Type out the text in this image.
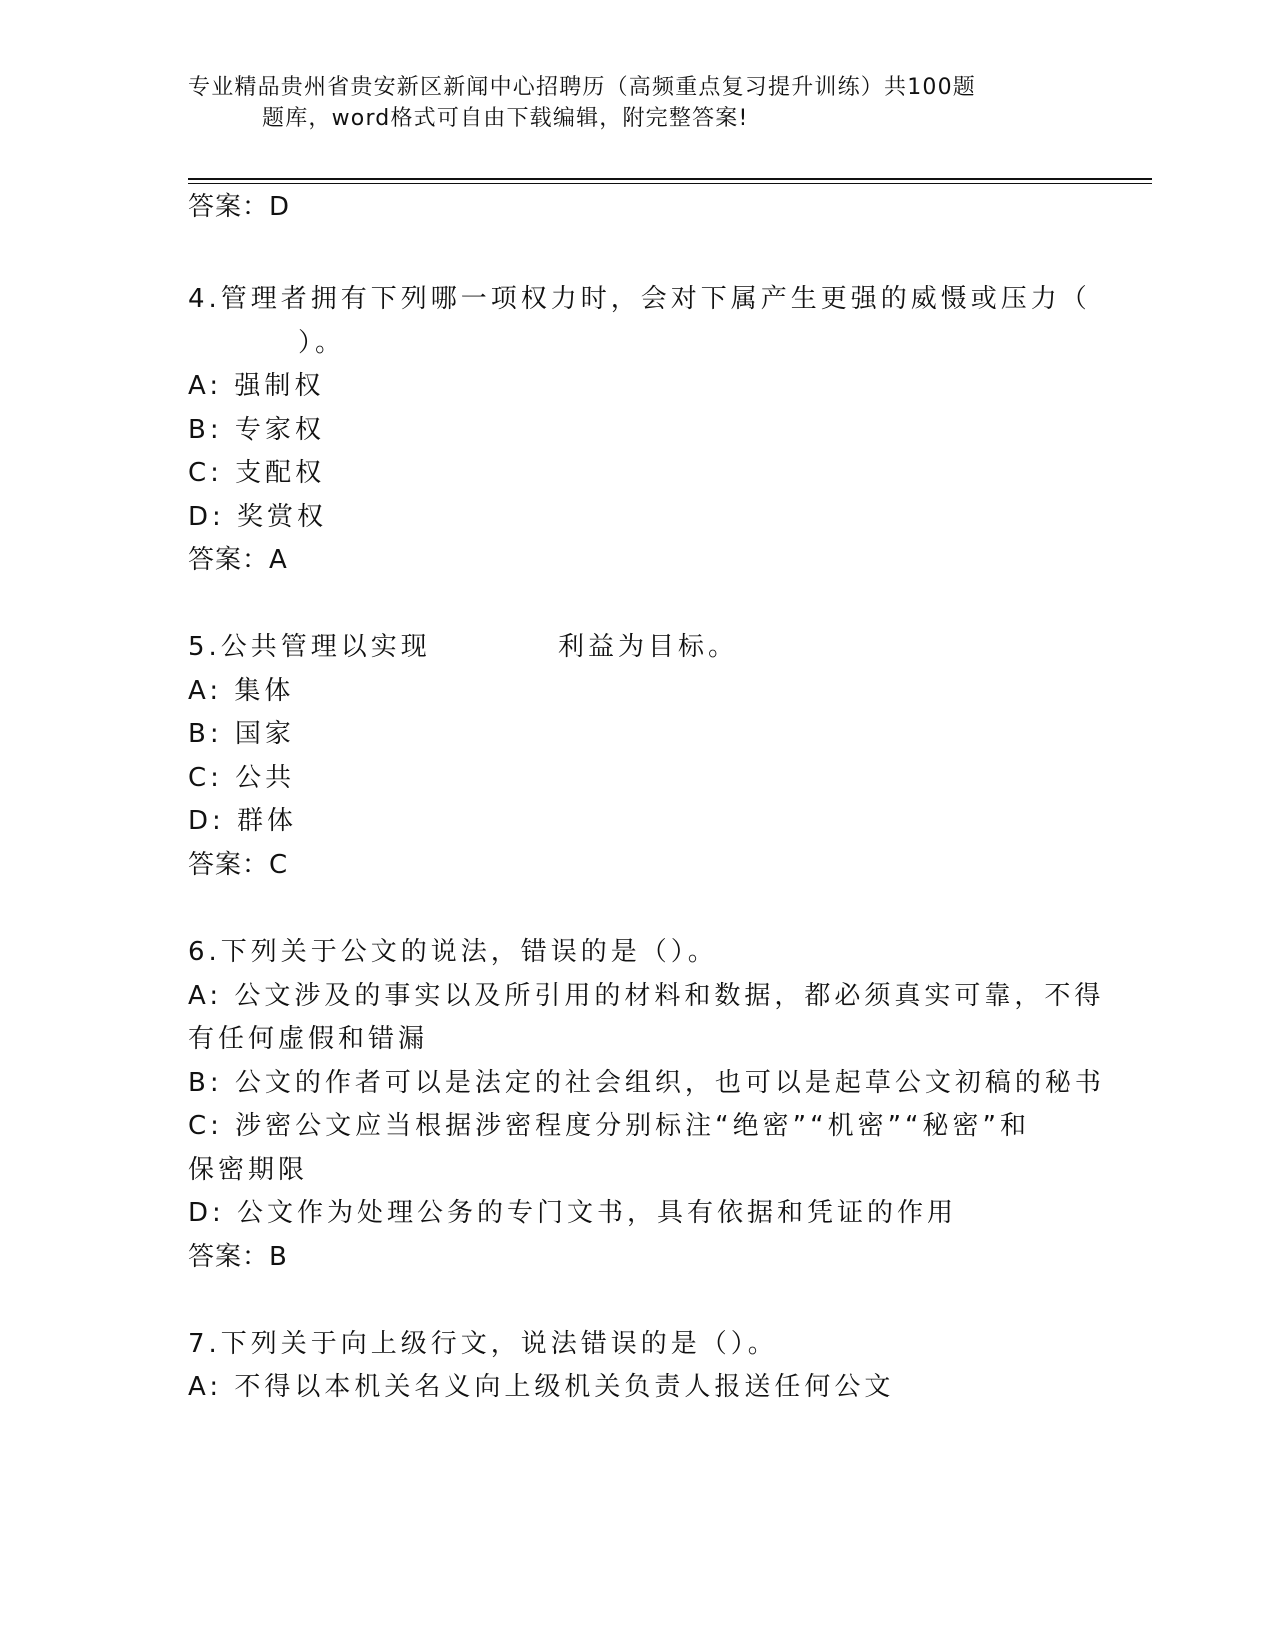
专业精品贵州省贵安新区新闻中心招聘历（高频重点复习提升训练）共100题
题库，word格式可自由下载编辑，附完整答案!
答案：D
4.管理者拥有下列哪一项权力时，会对下属产生更强的威慑或压力（
）。
A: 强制权
B: 专家权
C: 支配权
D: 奖赏权
答案：A
5.公共管理以实现	利益为目标。
A: 集体
B: 国家
C: 公共
D: 群体
答案：C
6.下列关于公文的说法，错误的是（）。
A: 公文涉及的事实以及所引用的材料和数据，都必须真实可靠，不得
有任何虚假和错漏
B: 公文的作者可以是法定的社会组织，也可以是起草公文初稿的秘书
C: 涉密公文应当根据涉密程度分别标注“绝密”“机密”“秘密”和
保密期限
D: 公文作为处理公务的专门文书，具有依据和凭证的作用
答案：B
7.下列关于向上级行文，说法错误的是（）。
A: 不得以本机关名义向上级机关负责人报送任何公文
